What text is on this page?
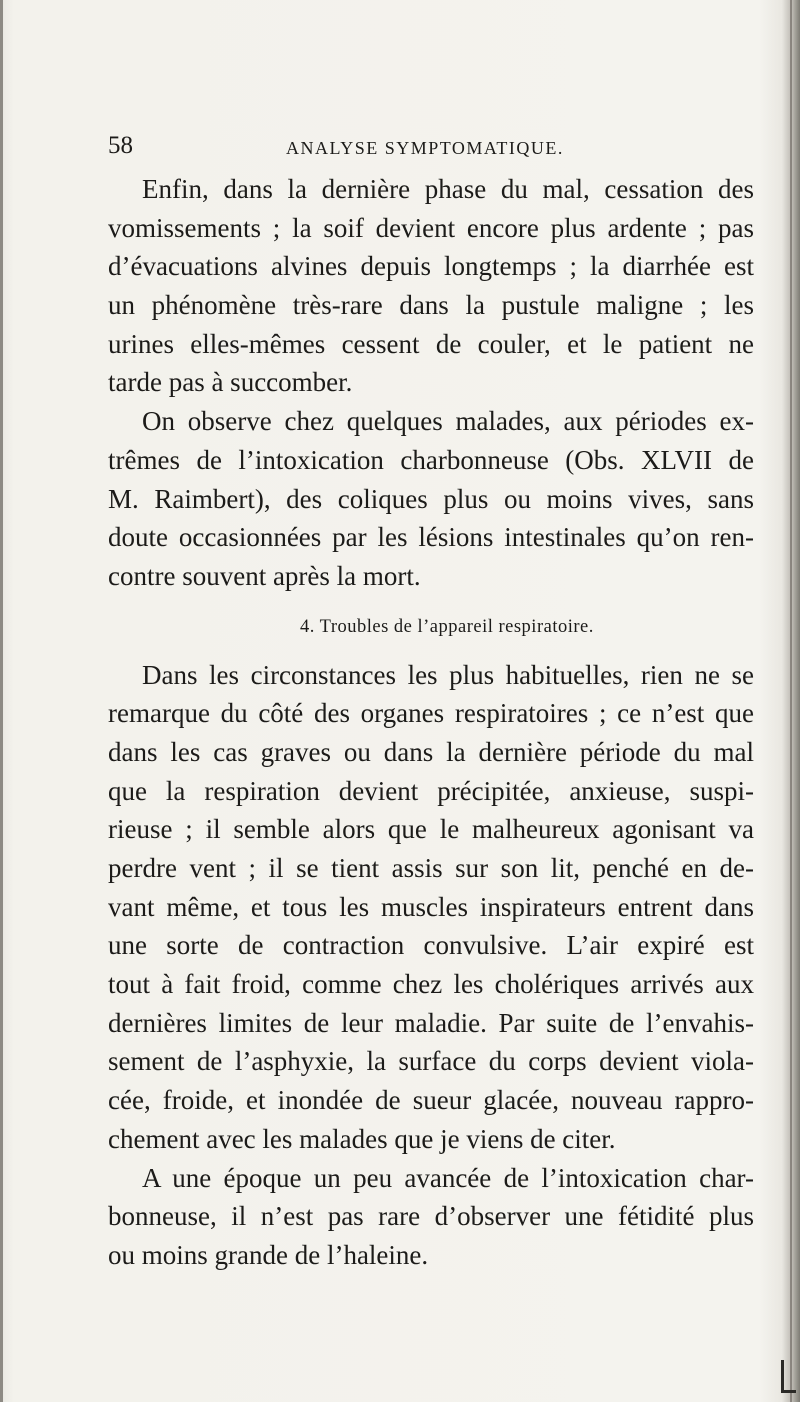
58	ANALYSE SYMPTOMATIQUE.
Enfin, dans la dernière phase du mal, cessation des
vomissements ; la soif devient encore plus ardente ; pas
d’évacuations alvines depuis longtemps ; la diarrhée est
un phénomène très-rare dans la pustule maligne ; les
urines elles-mêmes cessent de couler, et le patient ne
tarde pas à succomber.
On observe chez quelques malades, aux périodes ex-
trêmes de l’intoxication charbonneuse (Obs. XLVII de
M. Raimbert), des coliques plus ou moins vives, sans
doute occasionnées par les lésions intestinales qu’on ren-
contre souvent après la mort.
4. Troubles de l’appareil respiratoire.
Dans les circonstances les plus habituelles, rien ne se
remarque du côté des organes respiratoires ; ce n’est que
dans les cas graves ou dans la dernière période du mal
que la respiration devient précipitée, anxieuse, suspi-
rieuse ; il semble alors que le malheureux agonisant va
perdre vent ; il se tient assis sur son lit, penché en de-
vant même, et tous les muscles inspirateurs entrent dans
une sorte de contraction convulsive. L’air expiré est
tout à fait froid, comme chez les cholériques arrivés aux
dernières limites de leur maladie. Par suite de l’envahis-
sement de l’asphyxie, la surface du corps devient viola-
cée, froide, et inondée de sueur glacée, nouveau rappro-
chement avec les malades que je viens de citer.
A une époque un peu avancée de l’intoxication char-
bonneuse, il n’est pas rare d’observer une fétidité plus
ou moins grande de l’haleine.
